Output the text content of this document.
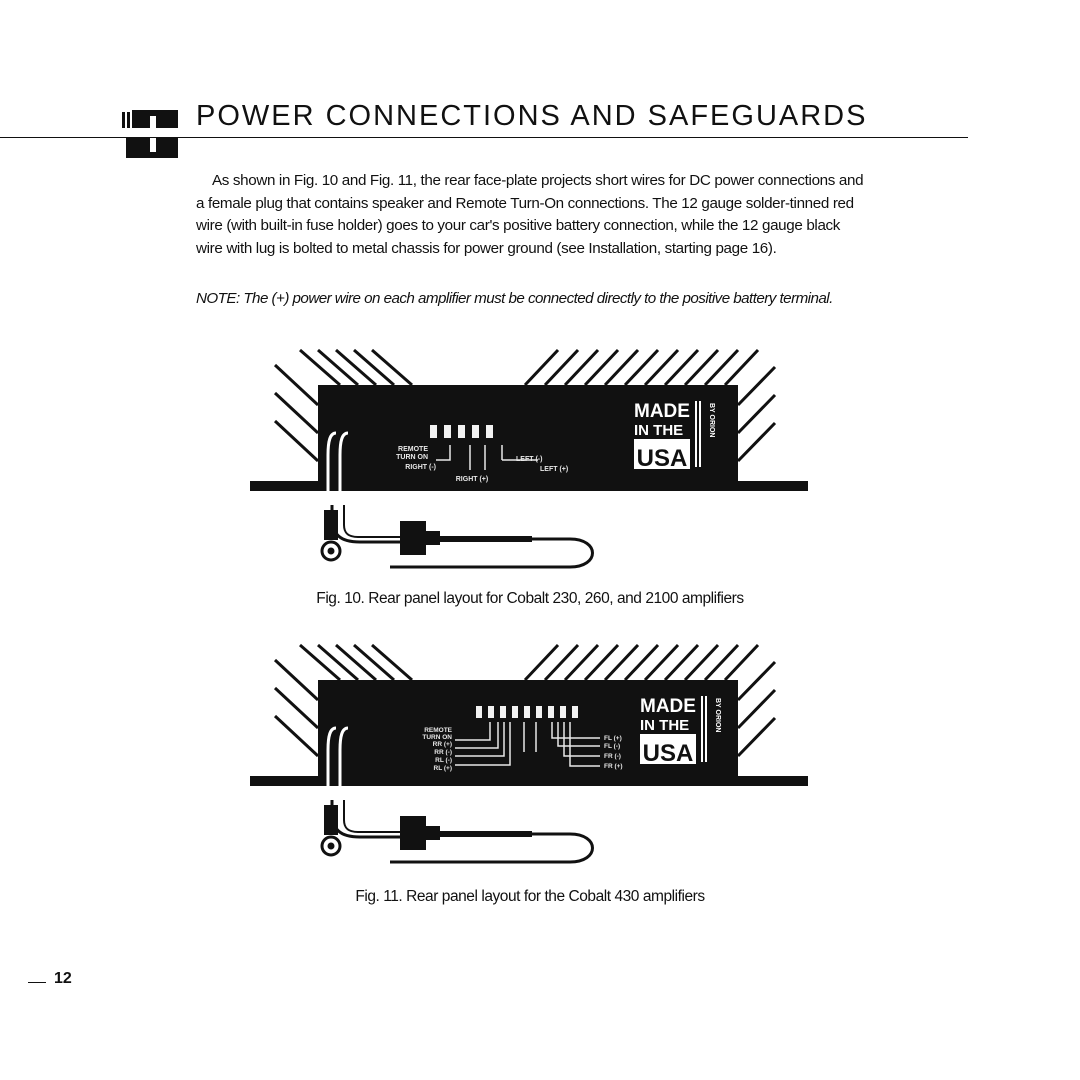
POWER CONNECTIONS AND SAFEGUARDS

As shown in Fig. 10 and Fig. 11, the rear face-plate projects short wires for DC power connections and a female plug that contains speaker and Remote Turn-On connections. The 12 gauge solder-tinned red wire (with built-in fuse holder) goes to your car's positive battery connection, while the 12 gauge black wire with lug is bolted to metal chassis for power ground (see Installation, starting page 16).

NOTE: The (+) power wire on each amplifier must be connected directly to the positive battery terminal.

REMOTE
TURN ON
RIGHT (-)
RIGHT (+)
LEFT (-)
LEFT (+)
MADE
IN THE
USA
BY ORION

Fig. 10. Rear panel layout for Cobalt 230, 260, and 2100 amplifiers

REMOTE
TURN ON
RR (+)
RR (-)
RL (-)
RL (+)
FL (+)
FL (-)
FR (-)
FR (+)
MADE
IN THE
USA
BY ORION

Fig. 11. Rear panel layout for the Cobalt 430 amplifiers

12
